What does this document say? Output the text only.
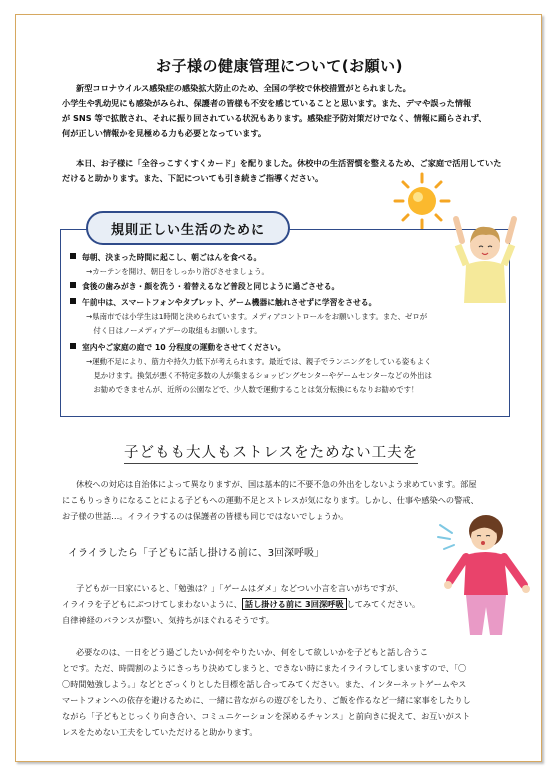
お子様の健康管理について(お願い)
新型コロナウイルス感染症の感染拡大防止のため、全国の学校で休校措置がとられました。
小学生や乳幼児にも感染がみられ、保護者の皆様も不安を感じていることと思います。また、デマや誤った情報
が SNS 等で拡散され、それに振り回されている状況もあります。感染症予防対策だけでなく、情報に踊らされず、
何が正しい情報かを見極める力も必要となっています。
本日、お子様に「全谷っこすくすくカード」を配りました。休校中の生活習慣を整えるため、ご家庭で活用していた
だけると助かります。また、下記についても引き続きご指導ください。
規則正しい生活のために
毎朝、決まった時間に起こし、朝ごはんを食べる。
→カーテンを開け、朝日をしっかり浴びさせましょう。
食後の歯みがき・顔を洗う・着替えるなど普段と同じように過ごさせる。
午前中は、スマートフォンやタブレット、ゲーム機器に触れさせずに学習をさせる。
→県南市では小学生は1時間と決められています。メディアコントロールをお願いします。また、ゼロが
　付く日はノーメディアデーの取組もお願いします。
室内やご家庭の庭で 10 分程度の運動をさせてください。
→運動不足により、筋力や持久力低下が考えられます。最近では、親子でランニングをしている姿もよく
　見かけます。換気が悪く不特定多数の人が集まるショッピングセンターやゲームセンターなどの外出は
　お勧めできませんが、近所の公園などで、少人数で運動することは気分転換にもなりお勧めです！
子どもも大人もストレスをためない工夫を
休校への対応は自治体によって異なりますが、国は基本的に不要不急の外出をしないよう求めています。部屋
にこもりっきりになることによる子どもへの運動不足とストレスが気になります。しかし、仕事や感染への警戒、
お子様の世話…。イライラするのは保護者の皆様も同じではないでしょうか。
イライラしたら「子どもに話し掛ける前に、3回深呼吸」
子どもが一日家にいると、「勉強は？」「ゲームはダメ」などつい小言を言いがちですが、
イライラを子どもにぶつけてしまわないように、 話し掛ける前に 3回深呼吸 してみてください。
自律神経のバランスが整い、気持ちがほぐれるそうです。
必要なのは、一日をどう過ごしたいか何をやりたいか、何をして欲しいかを子どもと話し合うこ
とです。ただ、時間割のようにきっちり決めてしまうと、できない時にまたイライラしてしまいますので、「〇
〇時間勉強しよう。」などとざっくりとした目標を話し合ってみてください。また、インターネットゲームやス
マートフォンへの依存を避けるために、一緒に昔ながらの遊びをしたり、ご飯を作るなど一緒に家事をしたりし
ながら「子どもとじっくり向き合い、コミュニケーションを深めるチャンス」と前向きに捉えて、お互いがスト
レスをためない工夫をしていただけると助かります。
